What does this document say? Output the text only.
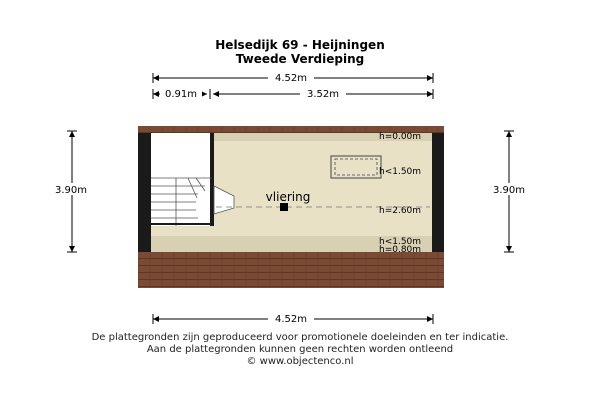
Helsedijk 69 - Heijningen
Tweede Verdieping
4.52m
0.91m	3.52m
3.90m	3.90m
vliering
h=0.00m
h<1.50m
h=2.60m
h<1.50m
h=0.80m
4.52m
De plattegronden zijn geproduceerd voor promotionele doeleinden en ter indicatie.
Aan de plattegronden kunnen geen rechten worden ontleend
© www.objectenco.nl
